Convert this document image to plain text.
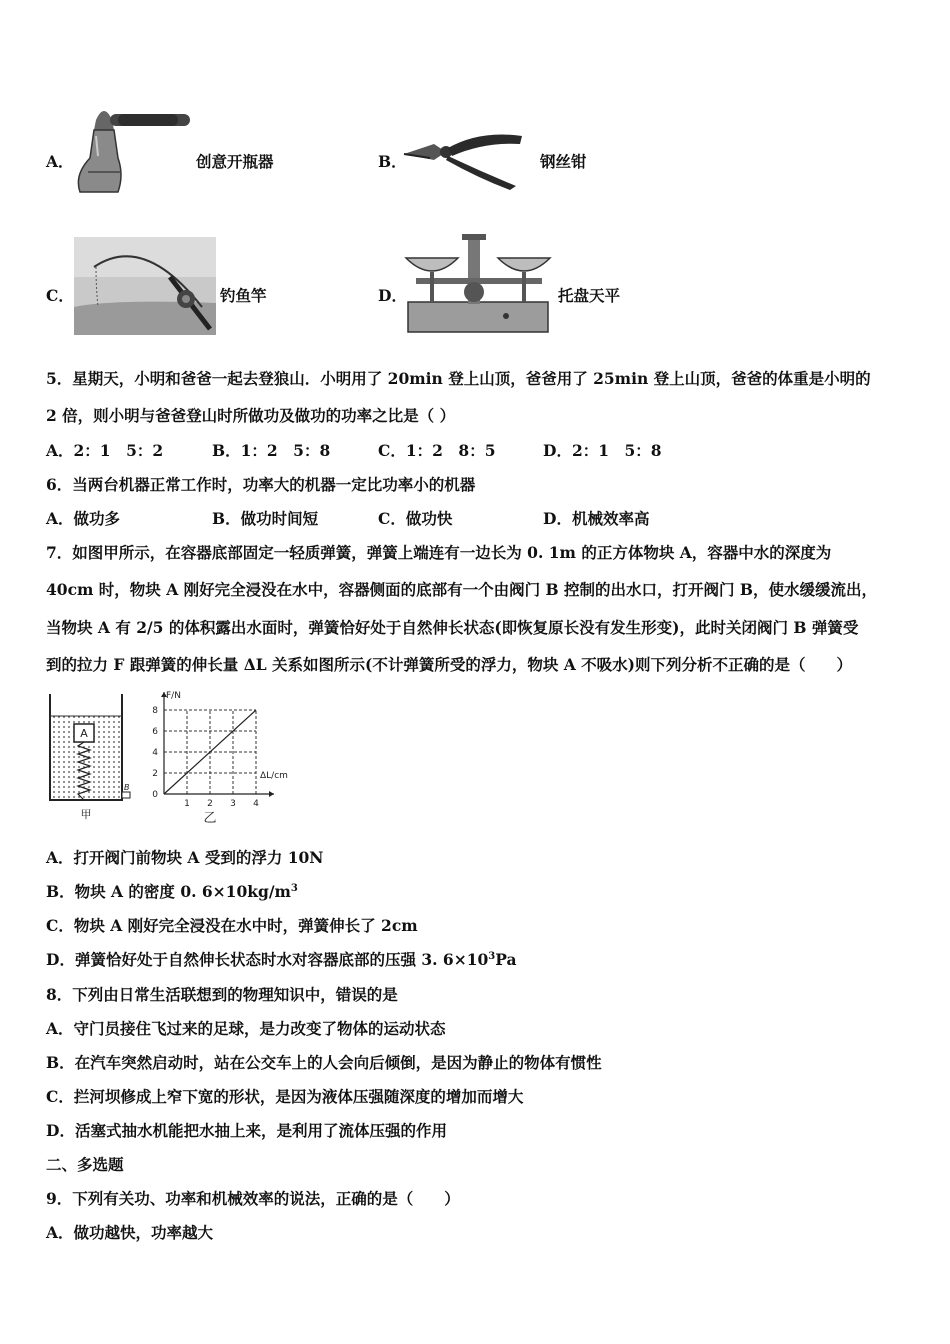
A．	创意开瓶器	B．	钢丝钳
C．	钓鱼竿	D．	托盘天平
5．星期天，小明和爸爸一起去登狼山．小明用了 20min 登上山顶，爸爸用了 25min 登上山顶，爸爸的体重是小明的
2 倍，则小明与爸爸登山时所做功及做功的功率之比是（ ）
A．2：1　5：2	B．1：2　5：8	C．1：2　8：5	D．2：1　5：8
6．当两台机器正常工作时，功率大的机器一定比功率小的机器
A．做功多	B．做功时间短	C．做功快	D．机械效率高
7．如图甲所示，在容器底部固定一轻质弹簧，弹簧上端连有一边长为 0. 1m 的正方体物块 A，容器中水的深度为
40cm 时，物块 A 刚好完全浸没在水中，容器侧面的底部有一个由阀门 B 控制的出水口，打开阀门 B，使水缓缓流出，
当物块 A 有 2/5 的体积露出水面时，弹簧恰好处于自然伸长状态(即恢复原长没有发生形变)，此时关闭阀门 B 弹簧受
到的拉力 F 跟弹簧的伸长量 ΔL 关系如图所示(不计弹簧所受的浮力，物块 A 不吸水)则下列分析不正确的是（　　）
A
B
甲
1 2 3 4
2
4
6
8
F/N
ΔL/cm
0
乙
A．打开阀门前物块 A 受到的浮力 10N
B．物块 A 的密度 0. $6\times 10kg/m^3$
C．物块 A 刚好完全浸没在水中时，弹簧伸长了 2cm
D．弹簧恰好处于自然伸长状态时水对容器底部的压强 3. $6\times 10^3Pa$
8．下列由日常生活联想到的物理知识中，错误的是
A．守门员接住飞过来的足球，是力改变了物体的运动状态
B．在汽车突然启动时，站在公交车上的人会向后倾倒，是因为静止的物体有惯性
C．拦河坝修成上窄下宽的形状，是因为液体压强随深度的增加而增大
D．活塞式抽水机能把水抽上来，是利用了流体压强的作用
二、多选题
9．下列有关功、功率和机械效率的说法，正确的是（　　）
A．做功越快，功率越大
